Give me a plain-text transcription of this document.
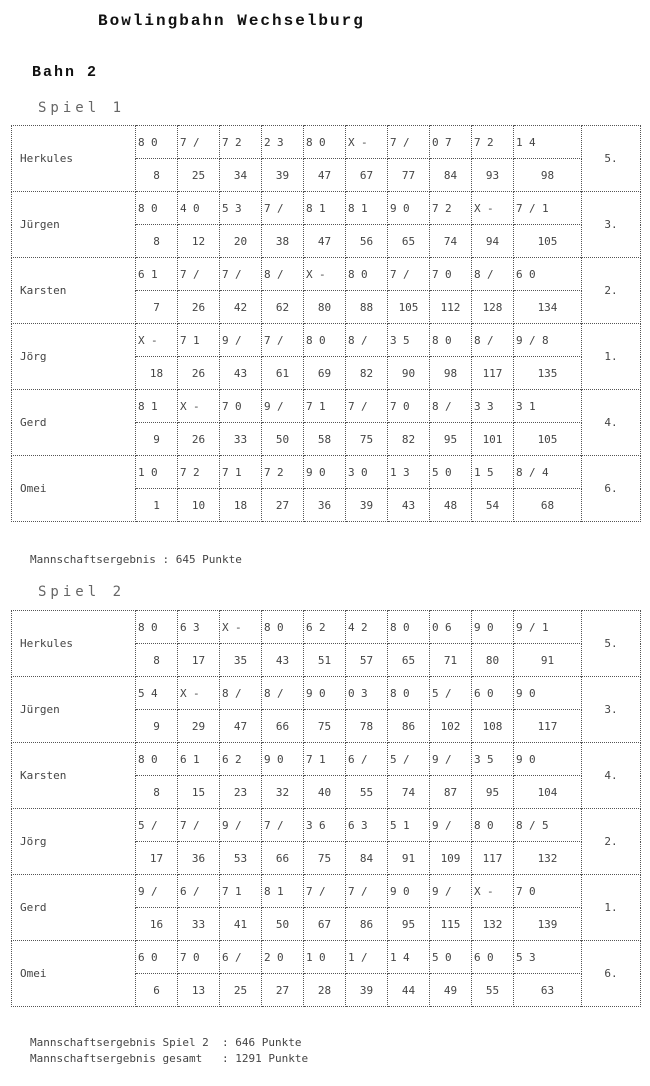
Bowlingbahn Wechselburg
Bahn 2
Spiel 1
Herkules	8 0	7 /	7 2	2 3	8 0	X -	7 /	0 7	7 2	1 4	5.
	8	25	34	39	47	67	77	84	93	98	
Jürgen	8 0	4 0	5 3	7 /	8 1	8 1	9 0	7 2	X -	7 / 1	3.
	8	12	20	38	47	56	65	74	94	105	
Karsten	6 1	7 /	7 /	8 /	X -	8 0	7 /	7 0	8 /	6 0	2.
	7	26	42	62	80	88	105	112	128	134	
Jörg	X -	7 1	9 /	7 /	8 0	8 /	3 5	8 0	8 /	9 / 8	1.
	18	26	43	61	69	82	90	98	117	135	
Gerd	8 1	X -	7 0	9 /	7 1	7 /	7 0	8 /	3 3	3 1	4.
	9	26	33	50	58	75	82	95	101	105	
Omei	1 0	7 2	7 1	7 2	9 0	3 0	1 3	5 0	1 5	8 / 4	6.
	1	10	18	27	36	39	43	48	54	68	
Mannschaftsergebnis : 645 Punkte
Spiel 2
Herkules	8 0	6 3	X -	8 0	6 2	4 2	8 0	0 6	9 0	9 / 1	5.
	8	17	35	43	51	57	65	71	80	91	
Jürgen	5 4	X -	8 /	8 /	9 0	0 3	8 0	5 /	6 0	9 0	3.
	9	29	47	66	75	78	86	102	108	117	
Karsten	8 0	6 1	6 2	9 0	7 1	6 /	5 /	9 /	3 5	9 0	4.
	8	15	23	32	40	55	74	87	95	104	
Jörg	5 /	7 /	9 /	7 /	3 6	6 3	5 1	9 /	8 0	8 / 5	2.
	17	36	53	66	75	84	91	109	117	132	
Gerd	9 /	6 /	7 1	8 1	7 /	7 /	9 0	9 /	X -	7 0	1.
	16	33	41	50	67	86	95	115	132	139	
Omei	6 0	7 0	6 /	2 0	1 0	1 /	1 4	5 0	6 0	5 3	6.
	6	13	25	27	28	39	44	49	55	63	
Mannschaftsergebnis Spiel 2  : 646 Punkte
Mannschaftsergebnis gesamt   : 1291 Punkte
